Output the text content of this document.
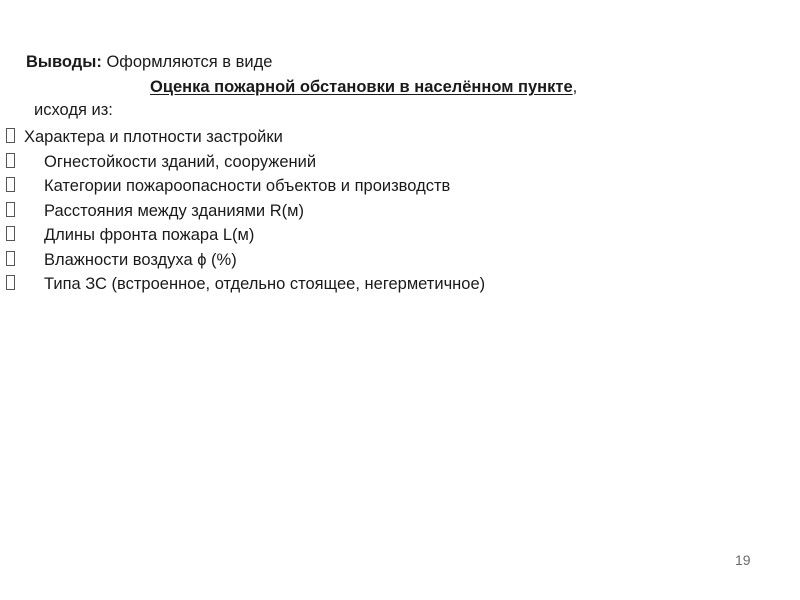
Выводы: Оформляются в виде
Оценка пожарной обстановки в населённом пункте,
исходя из:
Характера и плотности застройки
Огнестойкости зданий, сооружений
Категории пожароопасности объектов и производств
Расстояния между зданиями R(м)
Длины фронта пожара L(м)
Влажности воздуха ϕ (%)
Типа ЗС (встроенное, отдельно стоящее, негерметичное)
19
